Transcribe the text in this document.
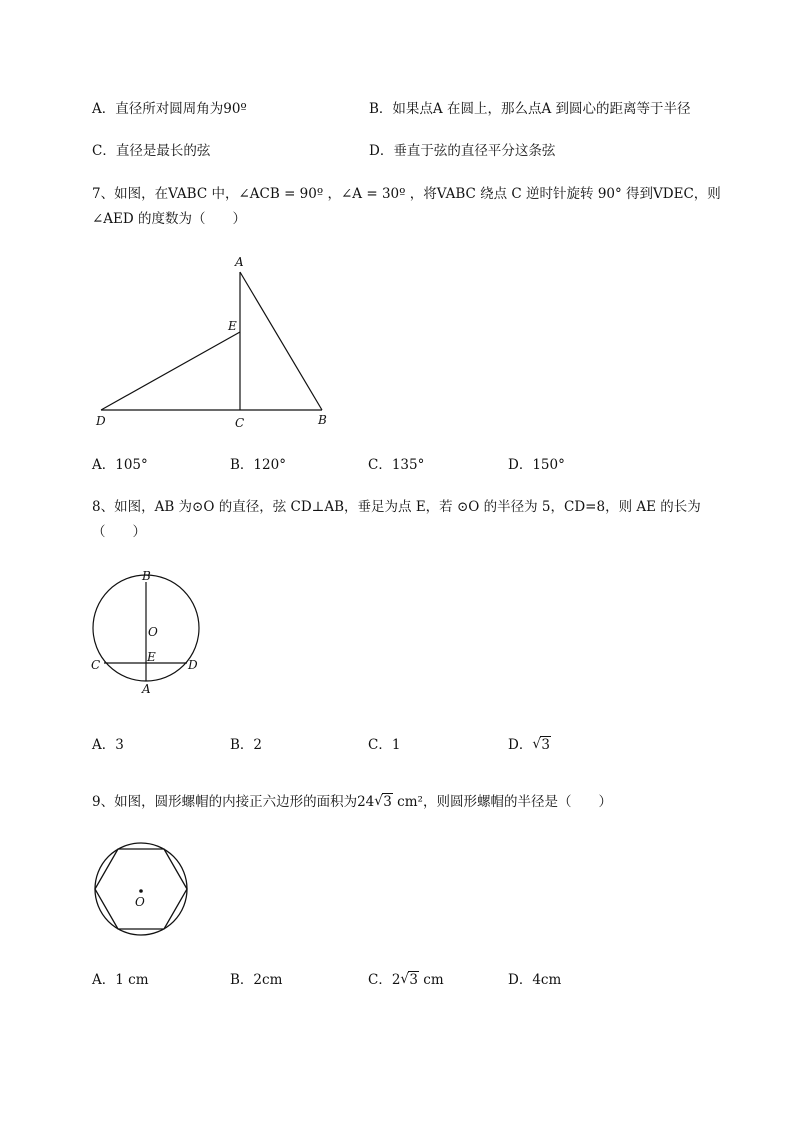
A．直径所对圆周角为90º	B．如果点A 在圆上，那么点A 到圆心的距离等于半径
C．直径是最长的弦	D．垂直于弦的直径平分这条弦
7、如图，在VABC 中，∠ACB = 90º ，∠A = 30º ，将VABC 绕点 C 逆时针旋转 90° 得到VDEC，则
∠AED 的度数为（　　）
A
E
D	C	B
A．105°	B．120°	C．135°	D．150°
8、如图，AB 为⊙O 的直径，弦 CD⊥AB，垂足为点 E，若 ⊙O 的半径为 5，CD=8，则 AE 的长为
（　　）
B
O
C
E
D
A
A．3	B．2	C．1	D． √ 3
9、如图，圆形螺帽的内接正六边形的面积为24 √ 3 cm²，则圆形螺帽的半径是（　　）
O
A．1 cm	B．2cm	C．2 √ 3 cm	D．4cm
